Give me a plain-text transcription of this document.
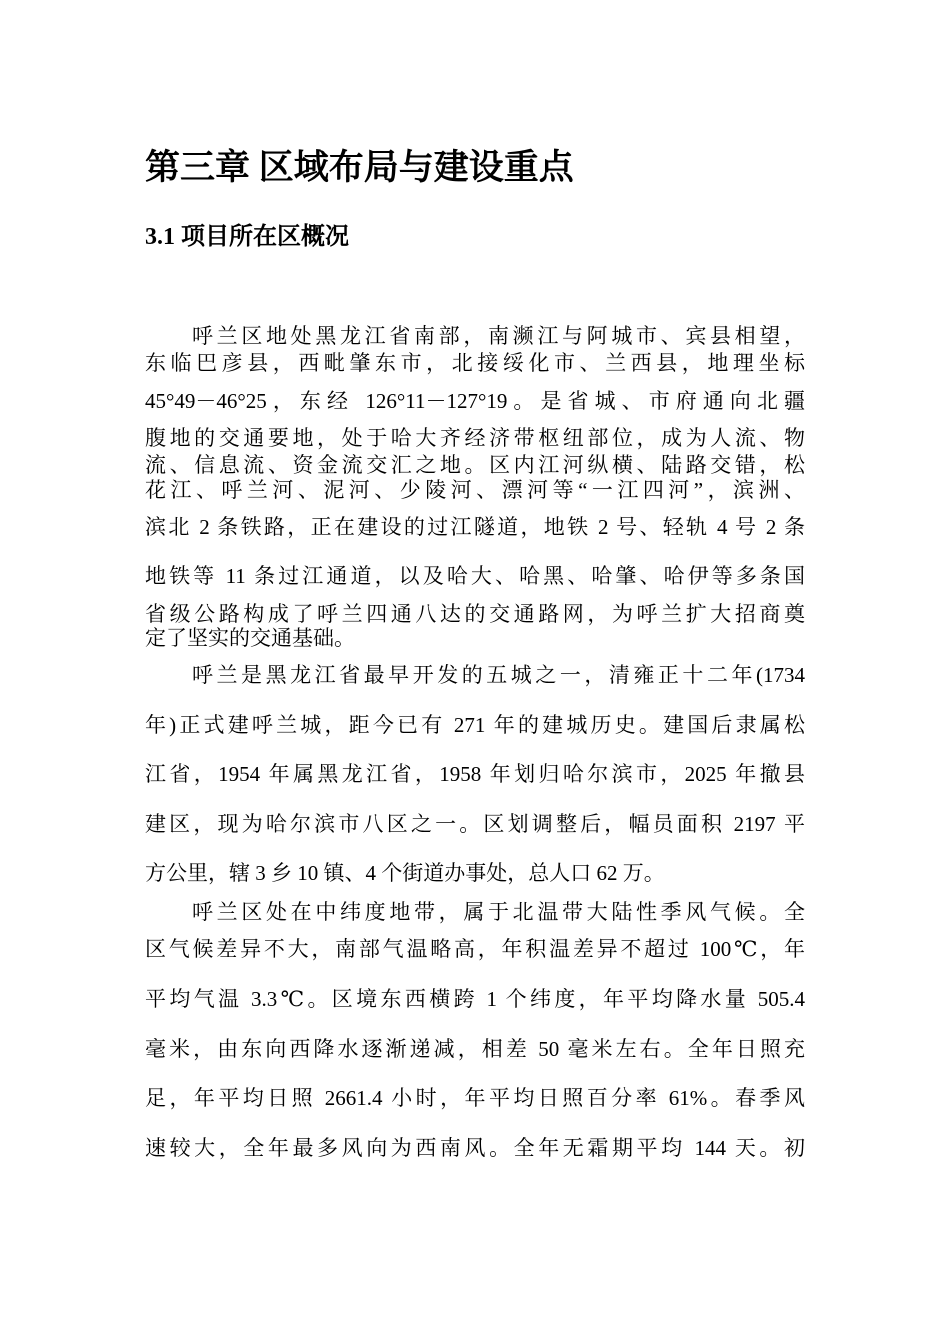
第三章 区域布局与建设重点
3.1 项目所在区概况

呼兰区地处黑龙江省南部，南濒江与阿城市、宾县相望，

东临巴彦县，西毗肇东市，北接绥化市、兰西县，地理坐标

45°49－46°25，东经 126°11－127°19。是省城、市府通向北疆

腹地的交通要地，处于哈大齐经济带枢纽部位，成为人流、物

流、信息流、资金流交汇之地。区内江河纵横、陆路交错，松

花江、呼兰河、泥河、少陵河、漂河等“一江四河”，滨洲、

滨北 2 条铁路，正在建设的过江隧道，地铁 2 号、轻轨 4 号 2 条

地铁等 11 条过江通道，以及哈大、哈黑、哈肇、哈伊等多条国

省级公路构成了呼兰四通八达的交通路网，为呼兰扩大招商奠

定了坚实的交通基础。

呼兰是黑龙江省最早开发的五城之一，清雍正十二年(1734

年)正式建呼兰城，距今已有 271 年的建城历史。建国后隶属松

江省，1954 年属黑龙江省，1958 年划归哈尔滨市，2025 年撤县

建区，现为哈尔滨市八区之一。区划调整后，幅员面积 2197 平

方公里，辖 3 乡 10 镇、4 个街道办事处，总人口 62 万。

呼兰区处在中纬度地带，属于北温带大陆性季风气候。全

区气候差异不大，南部气温略高，年积温差异不超过 100℃，年

平均气温 3.3℃。区境东西横跨 1 个纬度，年平均降水量 505.4

毫米，由东向西降水逐渐递减，相差 50 毫米左右。全年日照充

足，年平均日照 2661.4 小时，年平均日照百分率 61%。春季风

速较大，全年最多风向为西南风。全年无霜期平均 144 天。初
